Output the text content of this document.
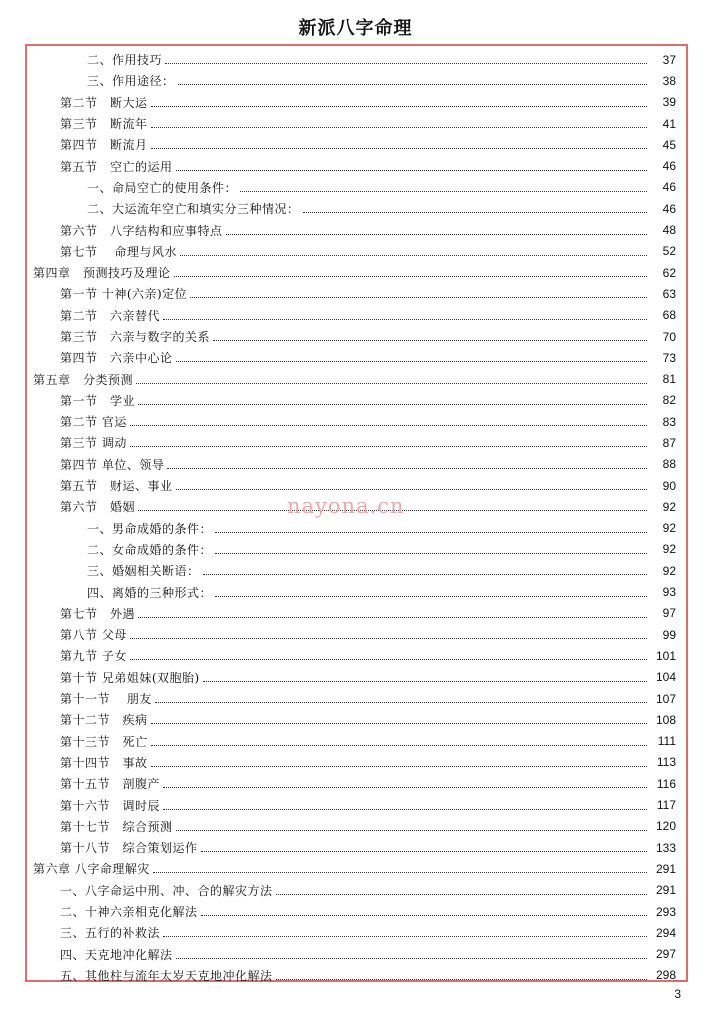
新派八字命理
二、作用技巧	37
三、作用途径：	38
第二节　断大运	39
第三节　断流年	41
第四节　断流月	45
第五节　空亡的运用	46
一、命局空亡的使用条件：	46
二、大运流年空亡和填实分三种情况：	46
第六节　八字结构和应事特点	48
第七节　 命理与风水	52
第四章　预测技巧及理论	62
第一节 十神(六亲)定位	63
第二节　六亲替代	68
第三节　六亲与数字的关系	70
第四节　六亲中心论	73
第五章　分类预测	81
第一节　学业	82
第二节 官运	83
第三节 调动	87
第四节 单位、领导	88
第五节　财运、事业	90
第六节　婚姻	92
一、男命成婚的条件：	92
二、女命成婚的条件：	92
三、婚姻相关断语：	92
四、离婚的三种形式：	93
第七节　外遇	97
第八节 父母	99
第九节 子女	101
第十节 兄弟姐妹(双胞胎)	104
第十一节　 朋友	107
第十二节　疾病	108
第十三节　死亡	111
第十四节　事故	113
第十五节　剖腹产	116
第十六节　调时辰	117
第十七节　综合预测	120
第十八节　综合策划运作	133
第六章 八字命理解灾	291
一、八字命运中刑、冲、合的解灾方法	291
二、十神六亲相克化解法	293
三、五行的补救法	294
四、天克地冲化解法	297
五、其他柱与流年太岁天克地冲化解法	298
nayona.cn
3
